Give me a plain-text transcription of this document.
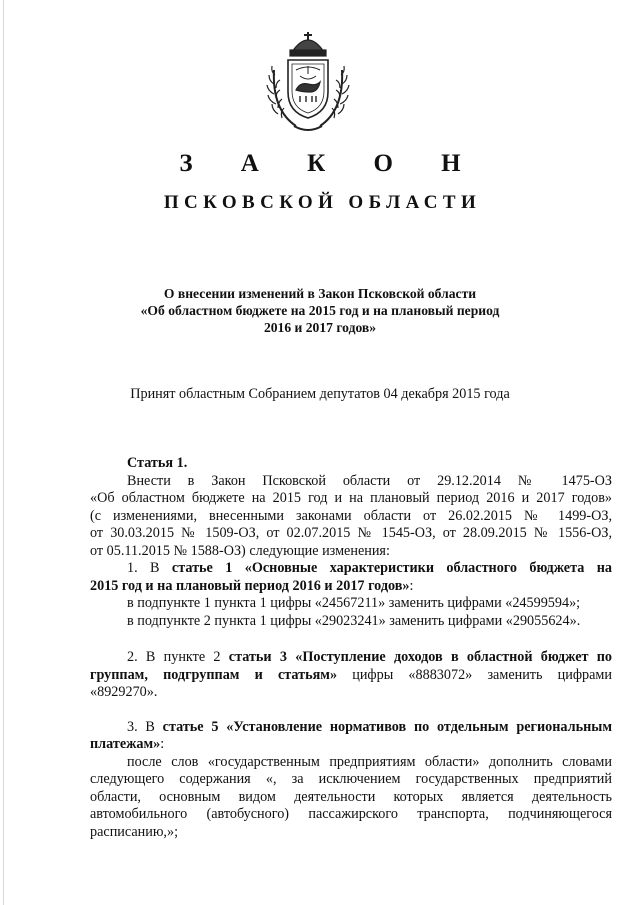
З А К О Н
ПСКОВСКОЙ ОБЛАСТИ
О внесении изменений в Закон Псковской области
«Об областном бюджете на 2015 год и на плановый период
2016 и 2017 годов»
Принят областным Собранием депутатов 04 декабря 2015 года
Статья 1.
Внести в Закон Псковской области от 29.12.2014 № 1475-ОЗ
«Об областном бюджете на 2015 год и на плановый период 2016 и 2017 годов»
(с изменениями, внесенными законами области от 26.02.2015 № 1499-ОЗ,
от 30.03.2015 № 1509-ОЗ, от 02.07.2015 № 1545-ОЗ, от 28.09.2015 № 1556-ОЗ,
от 05.11.2015 № 1588-ОЗ) следующие изменения:
1. В статье 1 «Основные характеристики областного бюджета на
2015 год и на плановый период 2016 и 2017 годов»:
в подпункте 1 пункта 1 цифры «24567211» заменить цифрами «24599594»;
в подпункте 2 пункта 1 цифры «29023241» заменить цифрами «29055624».
2. В пункте 2 статьи 3 «Поступление доходов в областной бюджет по
группам, подгруппам и статьям» цифры «8883072» заменить цифрами
«8929270».
3. В статье 5 «Установление нормативов по отдельным региональным
платежам»:
после слов «государственным предприятиям области» дополнить словами
следующего содержания «, за исключением государственных предприятий
области, основным видом деятельности которых является деятельность
автомобильного (автобусного) пассажирского транспорта, подчиняющегося
расписанию,»;
